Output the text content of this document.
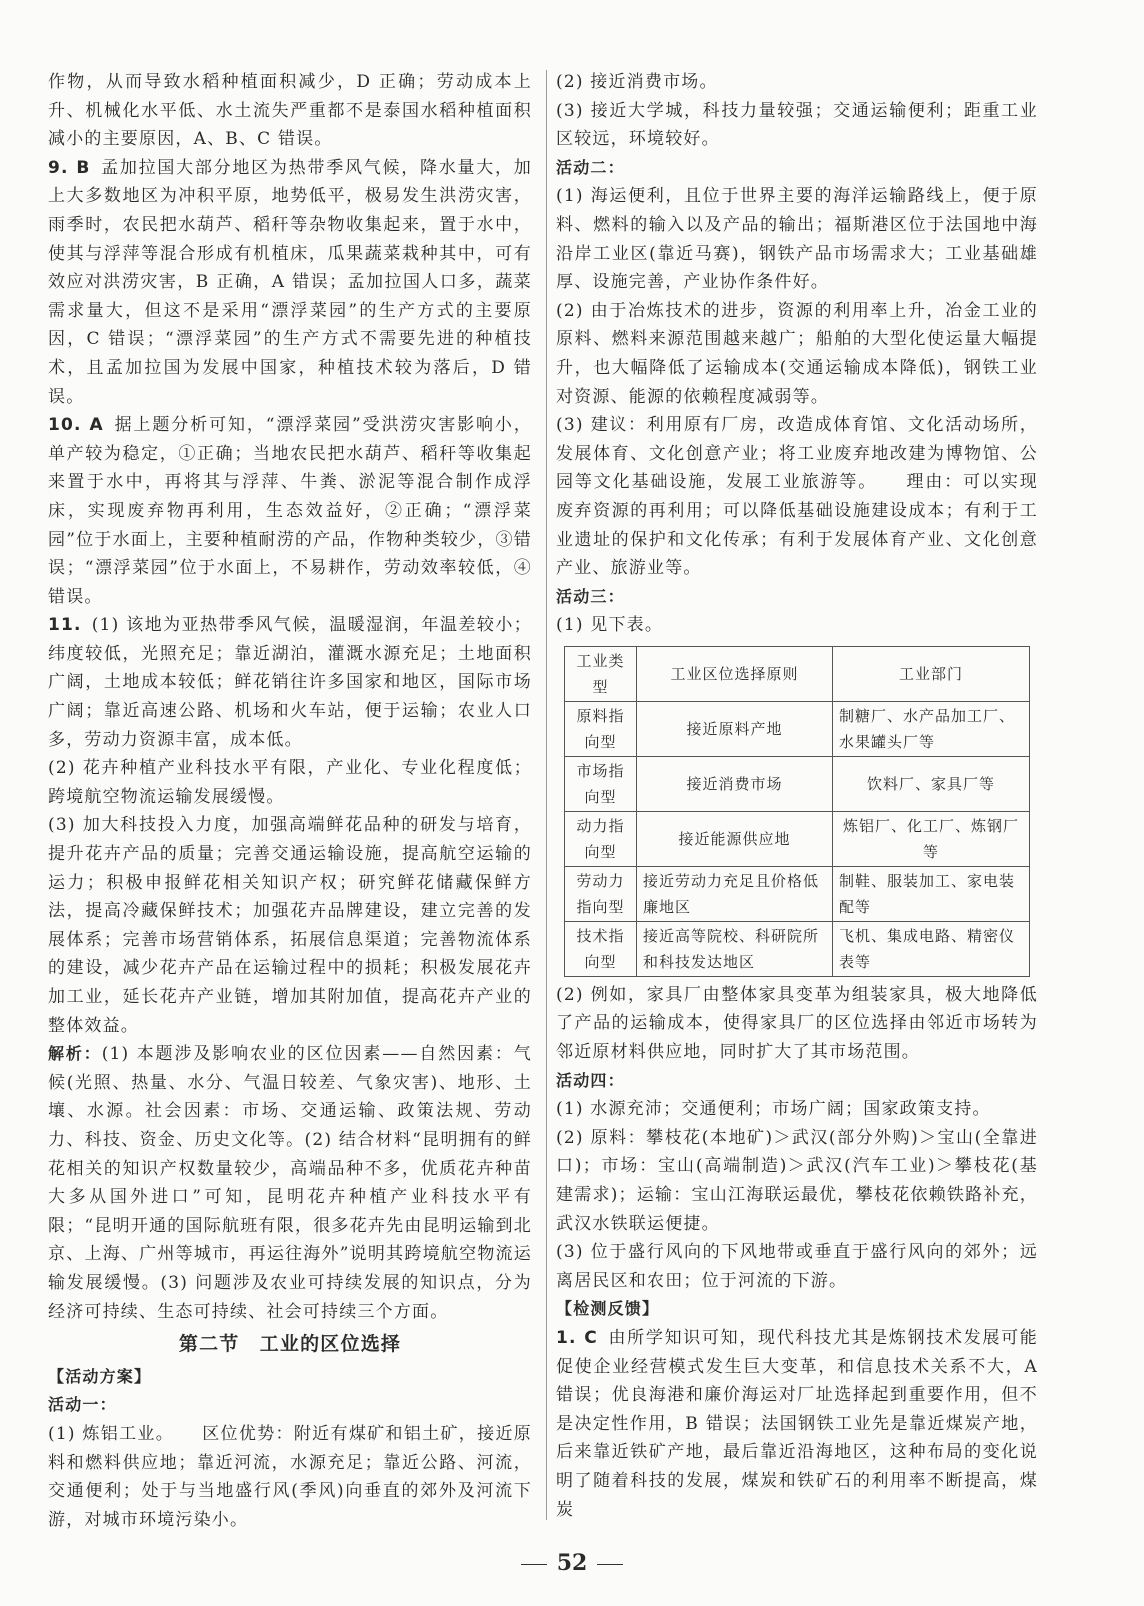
作物，从而导致水稻种植面积减少，D 正确；劳动成本上升、机械化水平低、水土流失严重都不是泰国水稻种植面积减小的主要原因，A、B、C 错误。

9. B 孟加拉国大部分地区为热带季风气候，降水量大，加上大多数地区为冲积平原，地势低平，极易发生洪涝灾害，雨季时，农民把水葫芦、稻秆等杂物收集起来，置于水中，使其与浮萍等混合形成有机植床，瓜果蔬菜栽种其中，可有效应对洪涝灾害，B 正确，A 错误；孟加拉国人口多，蔬菜需求量大，但这不是采用“漂浮菜园”的生产方式的主要原因，C 错误；“漂浮菜园”的生产方式不需要先进的种植技术，且孟加拉国为发展中国家，种植技术较为落后，D 错误。

10. A 据上题分析可知，“漂浮菜园”受洪涝灾害影响小，单产较为稳定，①正确；当地农民把水葫芦、稻秆等收集起来置于水中，再将其与浮萍、牛粪、淤泥等混合制作成浮床，实现废弃物再利用，生态效益好，②正确；“漂浮菜园”位于水面上，主要种植耐涝的产品，作物种类较少，③错误；“漂浮菜园”位于水面上，不易耕作，劳动效率较低，④错误。

11. (1) 该地为亚热带季风气候，温暖湿润，年温差较小；纬度较低，光照充足；靠近湖泊，灌溉水源充足；土地面积广阔，土地成本较低；鲜花销往许多国家和地区，国际市场广阔；靠近高速公路、机场和火车站，便于运输；农业人口多，劳动力资源丰富，成本低。

(2) 花卉种植产业科技水平有限，产业化、专业化程度低；跨境航空物流运输发展缓慢。

(3) 加大科技投入力度，加强高端鲜花品种的研发与培育，提升花卉产品的质量；完善交通运输设施，提高航空运输的运力；积极申报鲜花相关知识产权；研究鲜花储藏保鲜方法，提高冷藏保鲜技术；加强花卉品牌建设，建立完善的发展体系；完善市场营销体系，拓展信息渠道；完善物流体系的建设，减少花卉产品在运输过程中的损耗；积极发展花卉加工业，延长花卉产业链，增加其附加值，提高花卉产业的整体效益。

解析：(1) 本题涉及影响农业的区位因素——自然因素：气候(光照、热量、水分、气温日较差、气象灾害)、地形、土壤、水源。社会因素：市场、交通运输、政策法规、劳动力、科技、资金、历史文化等。(2) 结合材料“昆明拥有的鲜花相关的知识产权数量较少，高端品种不多，优质花卉种苗大多从国外进口”可知，昆明花卉种植产业科技水平有限；“昆明开通的国际航班有限，很多花卉先由昆明运输到北京、上海、广州等城市，再运往海外”说明其跨境航空物流运输发展缓慢。(3) 问题涉及农业可持续发展的知识点，分为经济可持续、生态可持续、社会可持续三个方面。

第二节　工业的区位选择

【活动方案】

活动一：

(1) 炼铝工业。　　区位优势：附近有煤矿和铝土矿，接近原料和燃料供应地；靠近河流，水源充足；靠近公路、河流，交通便利；处于与当地盛行风(季风)向垂直的郊外及河流下游，对城市环境污染小。

(2) 接近消费市场。

(3) 接近大学城，科技力量较强；交通运输便利；距重工业区较远，环境较好。

活动二：

(1) 海运便利，且位于世界主要的海洋运输路线上，便于原料、燃料的输入以及产品的输出；福斯港区位于法国地中海沿岸工业区(靠近马赛)，钢铁产品市场需求大；工业基础雄厚、设施完善，产业协作条件好。

(2) 由于冶炼技术的进步，资源的利用率上升，冶金工业的原料、燃料来源范围越来越广；船舶的大型化使运量大幅提升，也大幅降低了运输成本(交通运输成本降低)，钢铁工业对资源、能源的依赖程度减弱等。

(3) 建议：利用原有厂房，改造成体育馆、文化活动场所，发展体育、文化创意产业；将工业废弃地改建为博物馆、公园等文化基础设施，发展工业旅游等。　　理由：可以实现废弃资源的再利用；可以降低基础设施建设成本；有利于工业遗址的保护和文化传承；有利于发展体育产业、文化创意产业、旅游业等。

活动三：

(1) 见下表。

工业类型	工业区位选择原则	工业部门
原料指向型	接近原料产地	制糖厂、水产品加工厂、水果罐头厂等
市场指向型	接近消费市场	饮料厂、家具厂等
动力指向型	接近能源供应地	炼铝厂、化工厂、炼钢厂等
劳动力指向型	接近劳动力充足且价格低廉地区	制鞋、服装加工、家电装配等
技术指向型	接近高等院校、科研院所和科技发达地区	飞机、集成电路、精密仪表等

(2) 例如，家具厂由整体家具变革为组装家具，极大地降低了产品的运输成本，使得家具厂的区位选择由邻近市场转为邻近原材料供应地，同时扩大了其市场范围。

活动四：

(1) 水源充沛；交通便利；市场广阔；国家政策支持。

(2) 原料：攀枝花(本地矿)＞武汉(部分外购)＞宝山(全靠进口)；市场：宝山(高端制造)＞武汉(汽车工业)＞攀枝花(基建需求)；运输：宝山江海联运最优，攀枝花依赖铁路补充，武汉水铁联运便捷。

(3) 位于盛行风向的下风地带或垂直于盛行风向的郊外；远离居民区和农田；位于河流的下游。

【检测反馈】

1. C 由所学知识可知，现代科技尤其是炼钢技术发展可能促使企业经营模式发生巨大变革，和信息技术关系不大，A 错误；优良海港和廉价海运对厂址选择起到重要作用，但不是决定性作用，B 错误；法国钢铁工业先是靠近煤炭产地，后来靠近铁矿产地，最后靠近沿海地区，这种布局的变化说明了随着科技的发展，煤炭和铁矿石的利用率不断提高，煤炭

52
